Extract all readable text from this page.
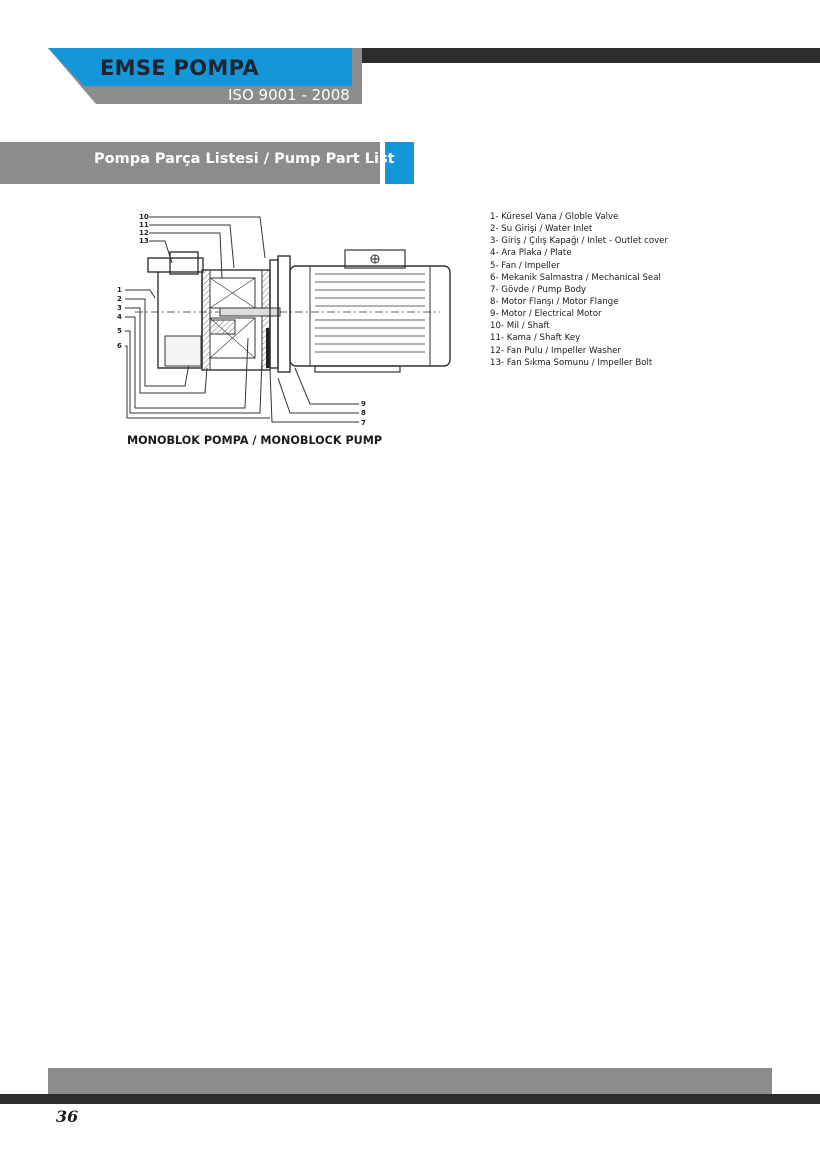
EMSE POMPA
ISO 9001 - 2008
Pompa Parça Listesi / Pump Part List
10
11
12
13
1
2
3
4
5
6
9
8
7
MONOBLOK POMPA / MONOBLOCK PUMP
1- Küresel Vana / Globle Valve
2- Su Girişi / Water Inlet
3- Giriş / Çılış Kapağı / Inlet - Outlet cover
4- Ara Plaka / Plate
5- Fan / Impeller
6- Mekanik Salmastra / Mechanical Seal
7- Gövde / Pump Body
8- Motor Flanşı / Motor Flange
9- Motor / Electrical Motor
10- Mil / Shaft
11- Kama / Shaft Key
12- Fan Pulu / Impeller Washer
13- Fan Sıkma Somunu / Impeller Bolt
36
